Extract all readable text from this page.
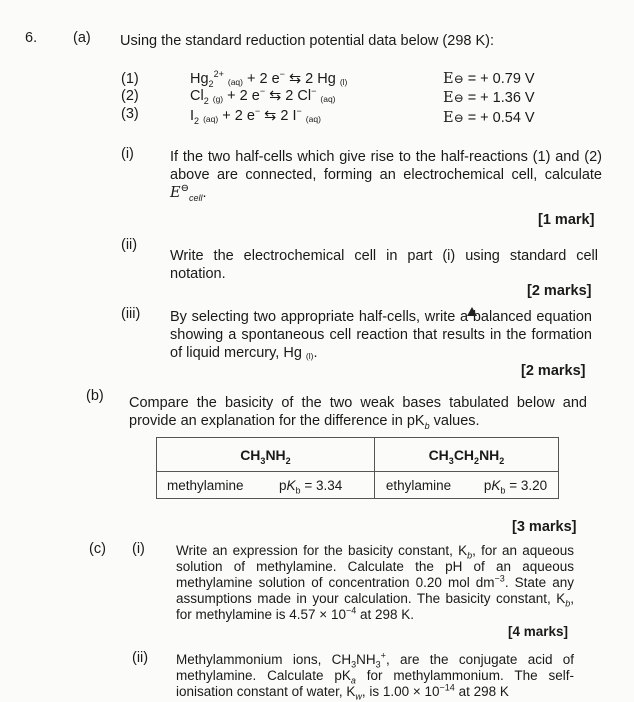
6. (a) Using the standard reduction potential data below (298 K):
(1)	$Hg_2^{2+}$ (aq) + 2 e− ⇆ 2 Hg (l)	E⊖ = + 0.79 V
(2)	$Cl_2$ (g) + 2 e− ⇆ 2 Cl− (aq)	E⊖ = + 1.36 V
(3)	$I_2$ (aq) + 2 e− ⇆ 2 I− (aq)	E⊖ = + 0.54 V
(i) If the two half-cells which give rise to the half-reactions (1) and (2) above are connected, forming an electrochemical cell, calculate $E^⊖_{cell}$.
[1 mark]
(ii)
Write the electrochemical cell in part (i) using standard cell notation.
[2 marks]
(iii) By selecting two appropriate half-cells, write a balanced equation showing a spontaneous cell reaction that results in the formation of liquid mercury, Hg (l).
[2 marks]
(b) Compare the basicity of the two weak bases tabulated below and provide an explanation for the difference in $pK_b$ values.
$CH_3NH_2$	$CH_3CH_2NH_2$
methylamine $pK_b = 3.34$	ethylamine $pK_b = 3.20$
[3 marks]
(c) (i) Write an expression for the basicity constant, $K_b$, for an aqueous solution of methylamine. Calculate the pH of an aqueous methylamine solution of concentration 0.20 mol $dm^{-3}$. State any assumptions made in your calculation. The basicity constant, $K_b$, for methylamine is $4.57 \times 10^{-4}$ at 298 K.
[4 marks]
(ii) Methylammonium ions, $CH_3NH_3^+$, are the conjugate acid of methylamine. Calculate $pK_a$ for methylammonium. The self-ionisation constant of water, $K_w$, is $1.00 \times 10^{-14}$ at 298 K
